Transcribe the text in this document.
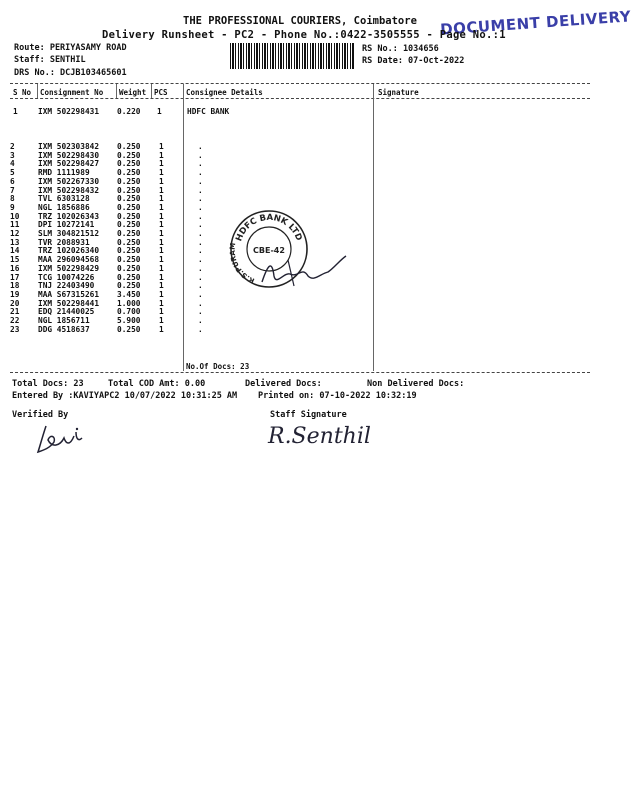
THE PROFESSIONAL COURIERS, Coimbatore DOCUMENT DELIVERY
Delivery Runsheet - PC2 - Phone No.:0422-3505555 - Page No.:1
Route: PERIYASAMY ROAD
Staff: SENTHIL
DRS No.: DCJB103465601
RS No.: 1034656
RS Date: 07-Oct-2022
S No Consignment No Weight PCS Consignee Details	Signature
1	IXM 502298431 0.220 1	HDFC BANK
2	IXM 502303842	0.250	1	.
3	IXM 502298430	0.250	1	.
4	IXM 502298427	0.250	1	.
5	RMD 1111989	0.250	1	.
6	IXM 502267330	0.250	1	.
7	IXM 502298432	0.250	1	.
8	TVL 6303128	0.250	1	.
9	NGL 1856886	0.250	1	.
10	TRZ 102026343	0.250	1	.
11	DPI 10272141	0.250	1	.
12	SLM 304821512	0.250	1	.
13	TVR 2088931	0.250	1	.
14	TRZ 102026340	0.250	1	.
15	MAA 296094568	0.250	1	.
16	IXM 502298429	0.250	1	.
17	TCG 10074226	0.250	1	.
18	TNJ 22403490	0.250	1	.
19	MAA S67315261	3.450	1	.
20	IXM 502298441	1.000	1	.
21	EDQ 21440025	0.700	1	.
22	NGL 1856711	5.900	1	.
23	DDG 4518637	0.250	1	.
No.Of Docs: 23
HDFC BANK LTD
R.S.PURAM	CBE-42
Total Docs: 23	Total COD Amt: 0.00	Delivered Docs:	Non Delivered Docs:
Entered By :KAVIYAPC2 10/07/2022 10:31:25 AM Printed on: 07-10-2022 10:32:19
Verified By	Staff Signature
R.Senthil
